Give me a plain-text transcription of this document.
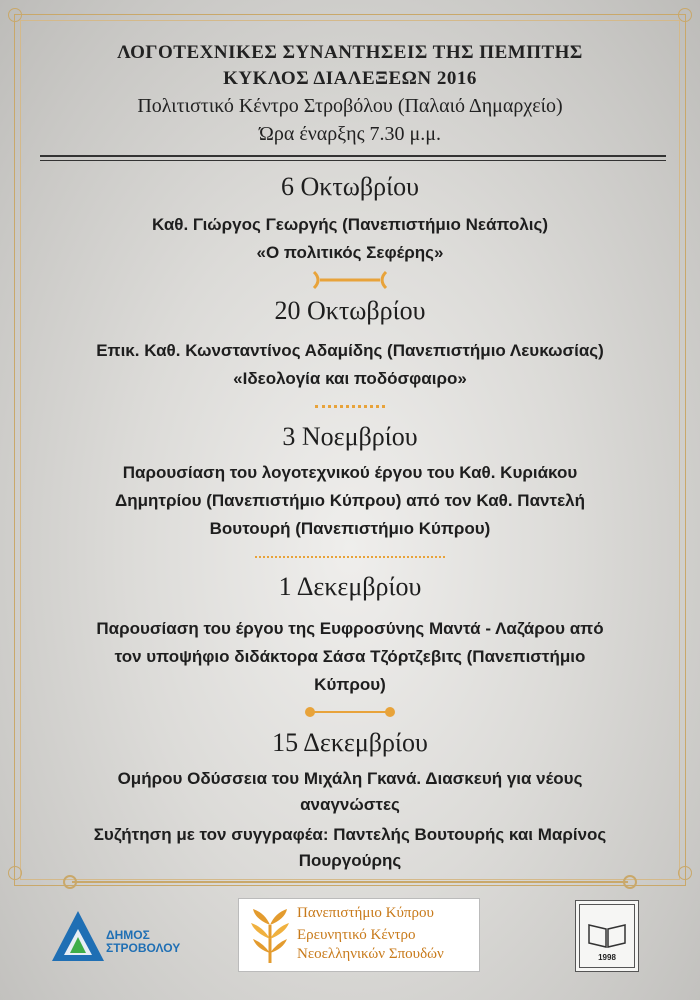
ΛΟΓΟΤΕΧΝΙΚΕΣ ΣΥΝΑΝΤΗΣΕΙΣ ΤΗΣ ΠΕΜΠΤΗΣ
ΚΥΚΛΟΣ ΔΙΑΛΕΞΕΩΝ 2016
Πολιτιστικό Κέντρο Στροβόλου (Παλαιό Δημαρχείο)
Ώρα έναρξης 7.30 μ.μ.
6 Οκτωβρίου
Καθ. Γιώργος Γεωργής (Πανεπιστήμιο Νεάπολις)
«Ο πολιτικός Σεφέρης»
20 Οκτωβρίου
Επικ. Καθ. Κωνσταντίνος Αδαμίδης (Πανεπιστήμιο Λευκωσίας)
«Ιδεολογία και ποδόσφαιρο»
3 Νοεμβρίου
Παρουσίαση του λογοτεχνικού έργου του Καθ. Κυριάκου
Δημητρίου (Πανεπιστήμιο Κύπρου) από τον Καθ. Παντελή
Βουτουρή (Πανεπιστήμιο Κύπρου)
1 Δεκεμβρίου
Παρουσίαση του έργου της Ευφροσύνης Μαντά - Λαζάρου από
τον υποψήφιο διδάκτορα Σάσα Τζόρτζεβιτς (Πανεπιστήμιο
Κύπρου)
15 Δεκεμβρίου
Ομήρου Οδύσσεια του Μιχάλη Γκανά. Διασκευή για νέους
αναγνώστες
Συζήτηση με τον συγγραφέα: Παντελής Βουτουρής και Μαρίνος
Πουργούρης
ΔΗΜΟΣ
ΣΤΡΟΒΟΛΟΥ
Πανεπιστήμιο Κύπρου
Ερευνητικό Κέντρο
Νεοελληνικών Σπουδών	1998
